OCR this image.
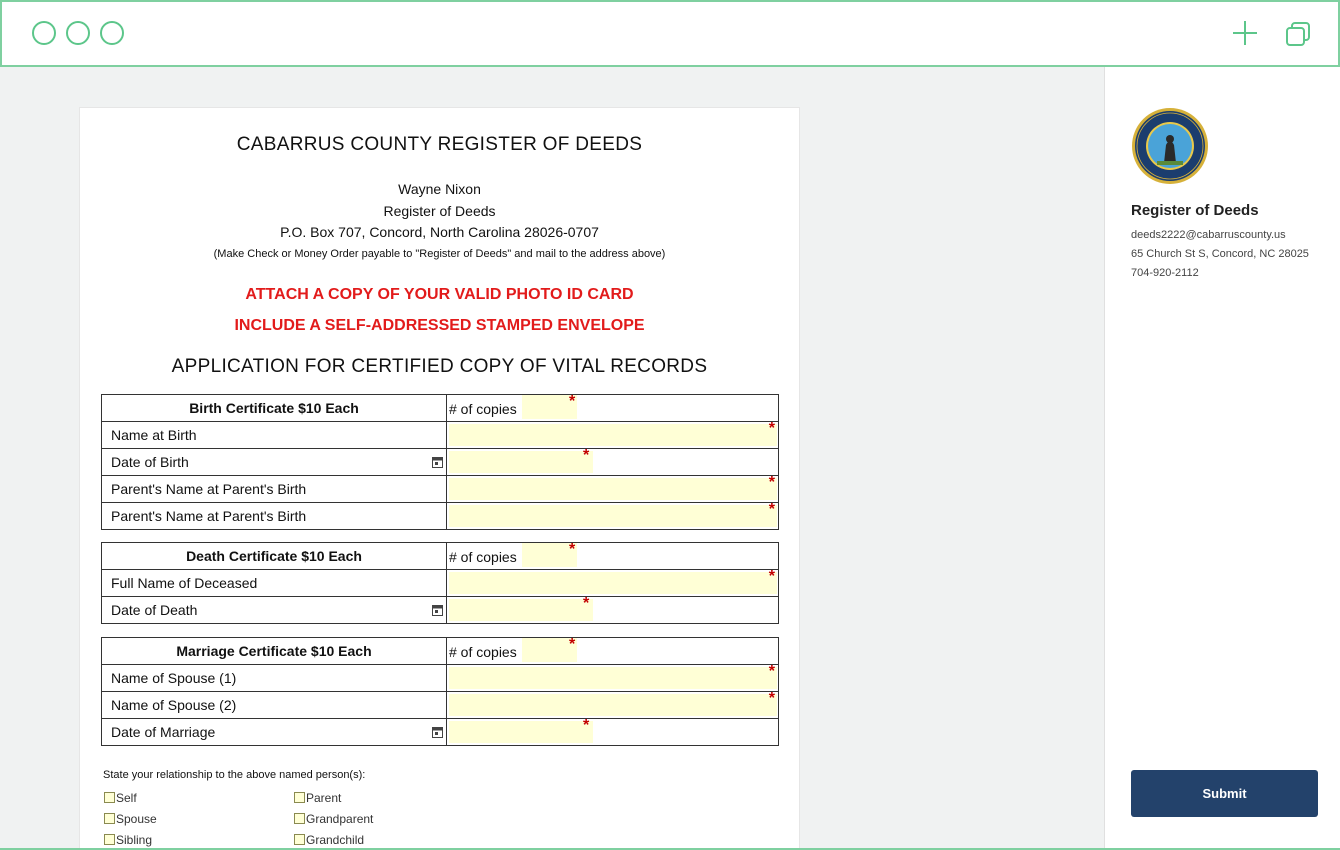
CABARRUS COUNTY REGISTER OF DEEDS
Wayne Nixon
Register of Deeds
P.O. Box 707, Concord, North Carolina 28026-0707
(Make Check or Money Order payable to "Register of Deeds" and mail to the address above)
ATTACH A COPY OF YOUR VALID PHOTO ID CARD
INCLUDE A SELF-ADDRESSED STAMPED ENVELOPE
APPLICATION FOR CERTIFIED COPY OF VITAL RECORDS
Birth Certificate $10 Each	# of copies *

Name at Birth	*

Date of Birth	*

Parent's Name at Parent's Birth	*

Parent's Name at Parent's Birth	*
Death Certificate $10 Each	# of copies *

Full Name of Deceased	*

Date of Death	*
Marriage Certificate $10 Each	# of copies *

Name of Spouse (1)	*

Name of Spouse (2)	*

Date of Marriage	*
State your relationship to the above named person(s):
Self
Spouse
Sibling
Parent
Grandparent
Grandchild
Register of Deeds
deeds2222@cabarruscounty.us
65 Church St S, Concord, NC 28025
704-920-2112
Submit
